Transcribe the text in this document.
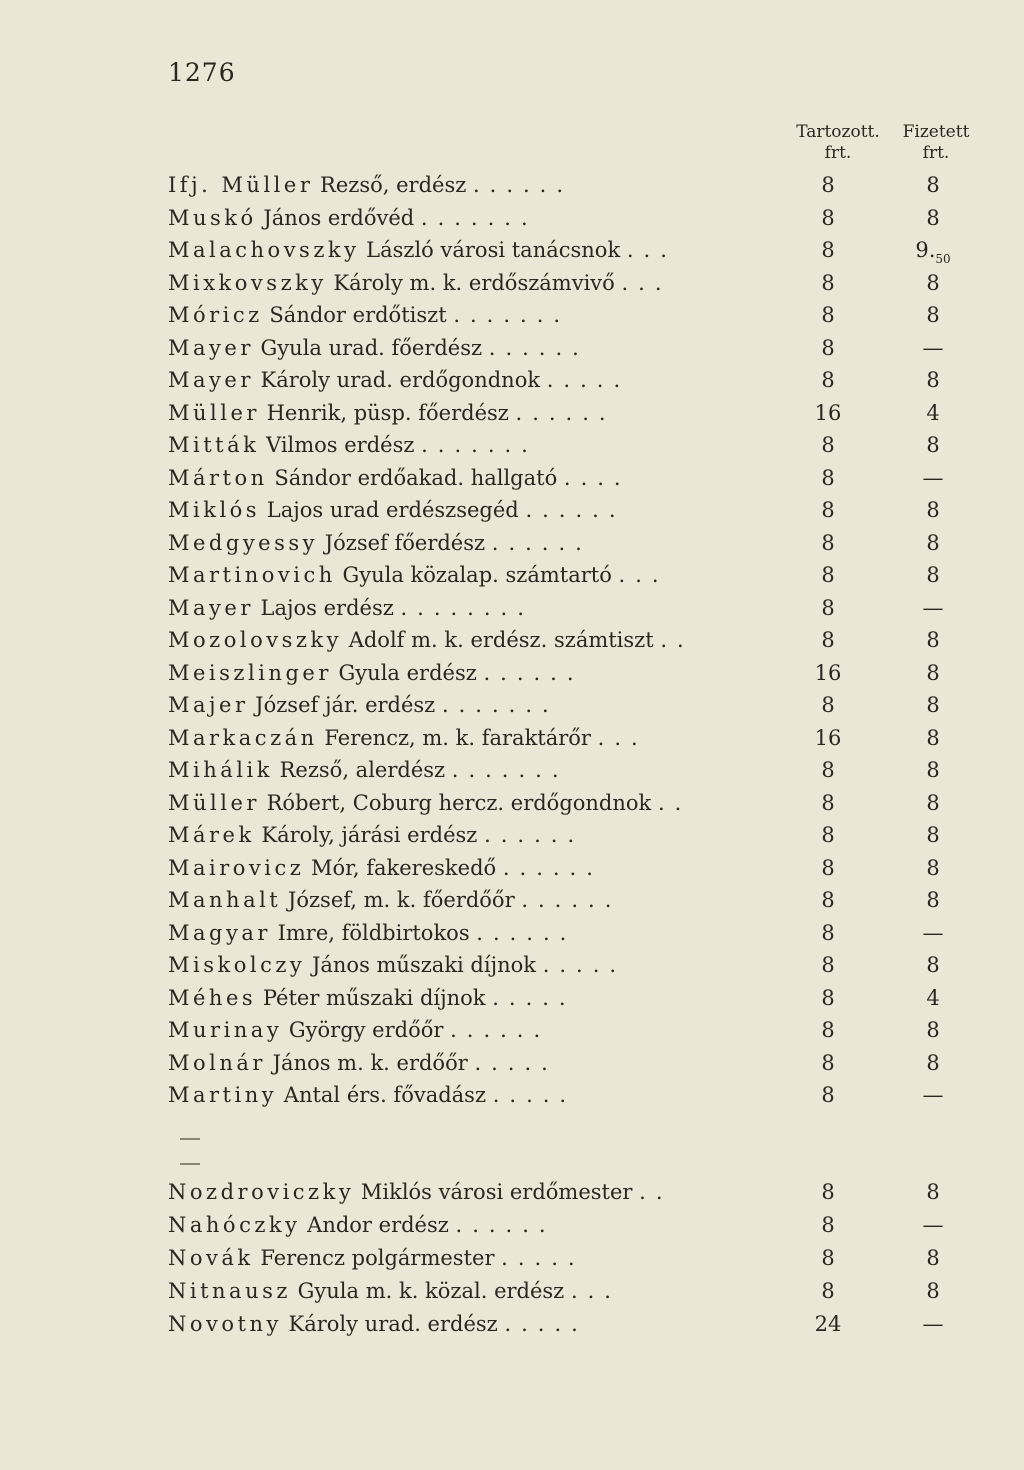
1276
Tartozott.
frt.
Fizetett
frt.
Ifj. Müller Rezső, erdész ......	8	8
Muskó János erdővéd .......	8	8
Malachovszky László városi tanácsnok ...	8	$9._{50}$
Mixkovszky Károly m. k. erdőszámvivő ...	8	8
Móricz Sándor erdőtiszt .......	8	8
Mayer Gyula urad. főerdész ......	8	—
Mayer Károly urad. erdőgondnok .....	8	8
Müller Henrik, püsp. főerdész ......	16	4
Mitták Vilmos erdész .......	8	8
Márton Sándor erdőakad. hallgató ....	8	—
Miklós Lajos urad erdészsegéd ......	8	8
Medgyessy József főerdész ......	8	8
Martinovich Gyula közalap. számtartó ...	8	8
Mayer Lajos erdész ........	8	—
Mozolovszky Adolf m. k. erdész. számtiszt ..	8	8
Meiszlinger Gyula erdész ......	16	8
Majer József jár. erdész .......	8	8
Markaczán Ferencz, m. k. faraktárőr ...	16	8
Mihálik Rezső, alerdész .......	8	8
Müller Róbert, Coburg hercz. erdőgondnok ..	8	8
Márek Károly, járási erdész ......	8	8
Mairovicz Mór, fakereskedő ......	8	8
Manhalt József, m. k. főerdőőr ......	8	8
Magyar Imre, földbirtokos ......	8	—
Miskolczy János műszaki díjnok .....	8	8
Méhes Péter műszaki díjnok .....	8	4
Murinay György erdőőr ......	8	8
Molnár János m. k. erdőőr .....	8	8
Martiny Antal érs. fővadász .....	8	—
Nozdroviczky Miklós városi erdőmester ..	8	8
Nahóczky Andor erdész ......	8	—
Novák Ferencz polgármester .....	8	8
Nitnausz Gyula m. k. közal. erdész ...	8	8
Novotny Károly urad. erdész .....	24	—
